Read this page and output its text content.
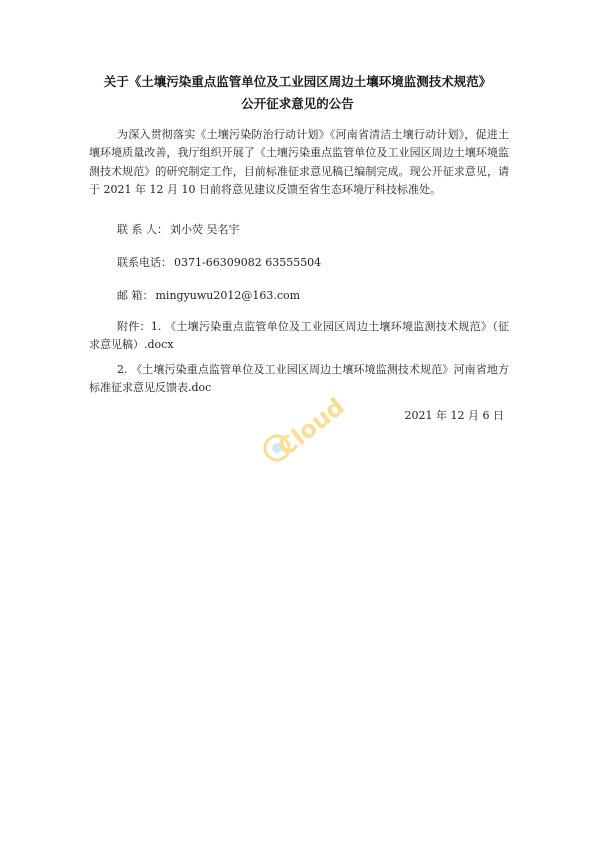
关于《土壤污染重点监管单位及工业园区周边土壤环境监测技术规范》
公开征求意见的公告
为深入贯彻落实《土壤污染防治行动计划》《河南省清洁土壤行动计划》，促进土壤环境质量改善，我厅组织开展了《土壤污染重点监管单位及工业园区周边土壤环境监测技术规范》的研究制定工作，目前标准征求意见稿已编制完成。现公开征求意见，请于 2021 年 12 月 10 日前将意见建议反馈至省生态环境厅科技标准处。
联 系 人： 刘小荧 吴名宇
联系电话： 0371-66309082 63555504
邮 箱： mingyuwu2012@163.com
附件：1. 《土壤污染重点监管单位及工业园区周边土壤环境监测技术规范》（征求意见稿）.docx
2. 《土壤污染重点监管单位及工业园区周边土壤环境监测技术规范》河南省地方标准征求意见反馈表.doc
2021 年 12 月 6 日
Cloud
